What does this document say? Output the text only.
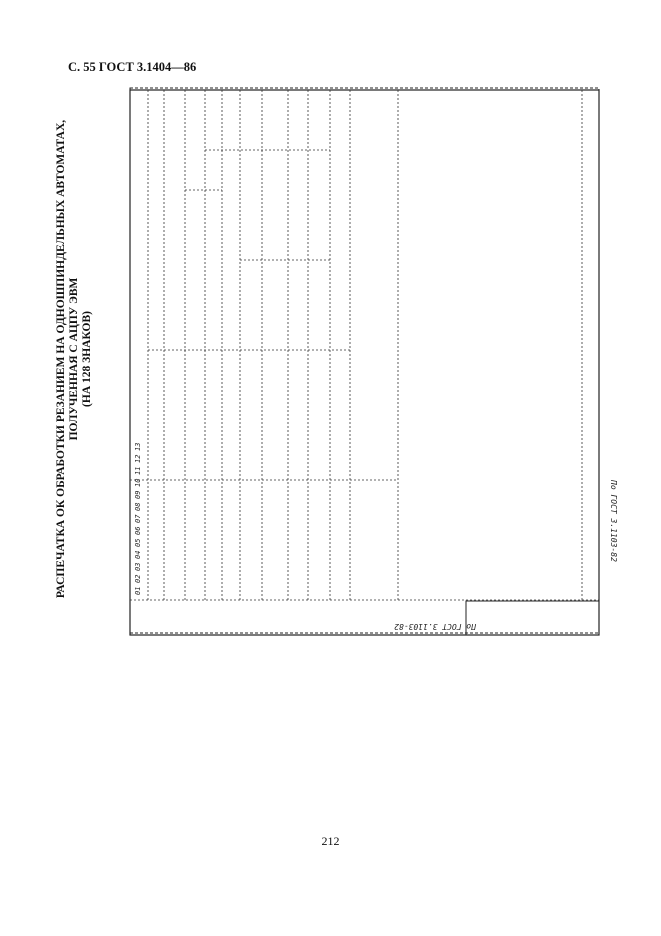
С. 55 ГОСТ 3.1404—86
РАСПЕЧАТКА ОК ОБРАБОТКИ РЕЗАНИЕМ НА ОДНОШПИНДЕЛЬНЫХ АВТОМАТАХ, ПОЛУЧЕННАЯ С АЦПУ ЭВМ (НА 128 ЗНАКОВ)
По ГОСТ 3.1103-82
01
02
03
04
05
06
07
08
09
10
11
12
13
По ГОСТ 3.1103-82
212
